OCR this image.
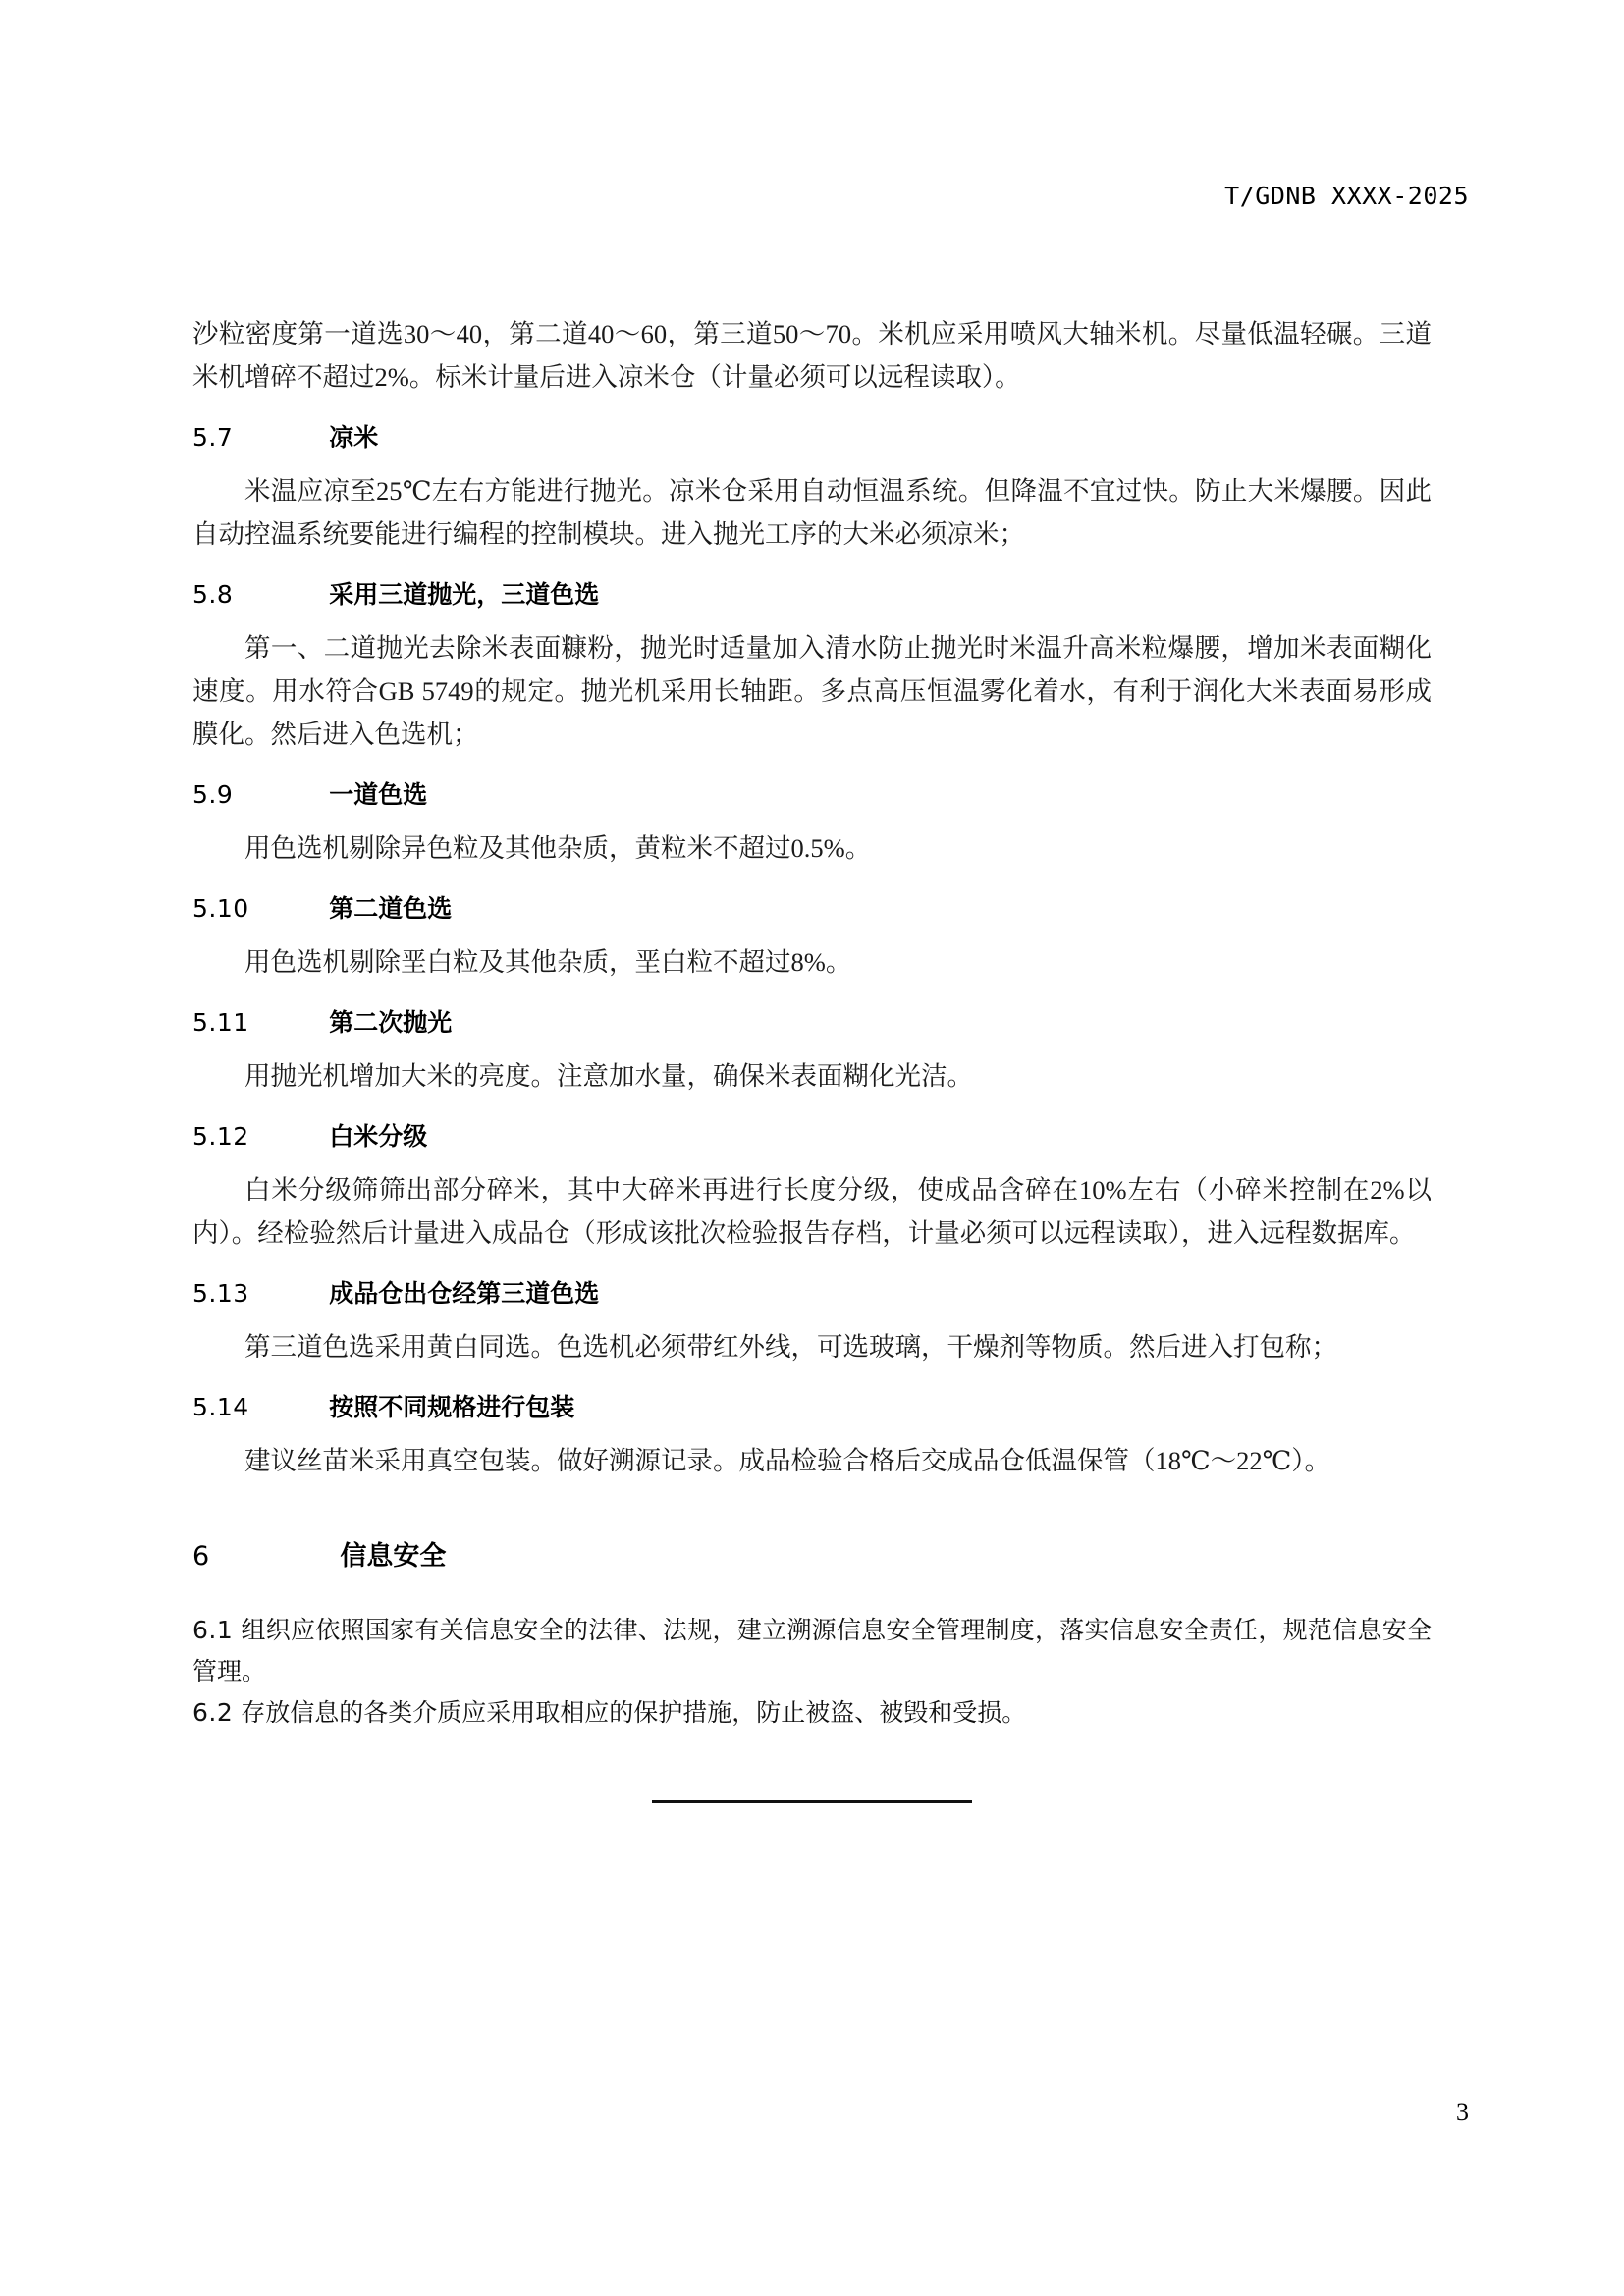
T/GDNB XXXX-2025

沙粒密度第一道选30～40，第二道40～60，第三道50～70。米机应采用喷风大轴米机。尽量低温轻碾。三道米机增碎不超过2%。标米计量后进入凉米仓（计量必须可以远程读取）。

5.7			凉米

米温应凉至25℃左右方能进行抛光。凉米仓采用自动恒温系统。但降温不宜过快。防止大米爆腰。因此自动控温系统要能进行编程的控制模块。进入抛光工序的大米必须凉米；

5.8			采用三道抛光，三道色选

第一、二道抛光去除米表面糠粉，抛光时适量加入清水防止抛光时米温升高米粒爆腰，增加米表面糊化速度。用水符合GB 5749的规定。抛光机采用长轴距。多点高压恒温雾化着水，有利于润化大米表面易形成膜化。然后进入色选机；

5.9			一道色选

用色选机剔除异色粒及其他杂质，黄粒米不超过0.5%。

5.10			第二道色选

用色选机剔除垩白粒及其他杂质，垩白粒不超过8%。

5.11			第二次抛光

用抛光机增加大米的亮度。注意加水量，确保米表面糊化光洁。

5.12			白米分级

白米分级筛筛出部分碎米，其中大碎米再进行长度分级，使成品含碎在10%左右（小碎米控制在2%以内）。经检验然后计量进入成品仓（形成该批次检验报告存档，计量必须可以远程读取），进入远程数据库。

5.13			成品仓出仓经第三道色选

第三道色选采用黄白同选。色选机必须带红外线，可选玻璃，干燥剂等物质。然后进入打包称；

5.14			按照不同规格进行包装

建议丝苗米采用真空包装。做好溯源记录。成品检验合格后交成品仓低温保管（18℃～22℃）。

6			信息安全

6.1 组织应依照国家有关信息安全的法律、法规，建立溯源信息安全管理制度，落实信息安全责任，规范信息安全管理。

6.2 存放信息的各类介质应采用取相应的保护措施，防止被盗、被毁和受损。

3
